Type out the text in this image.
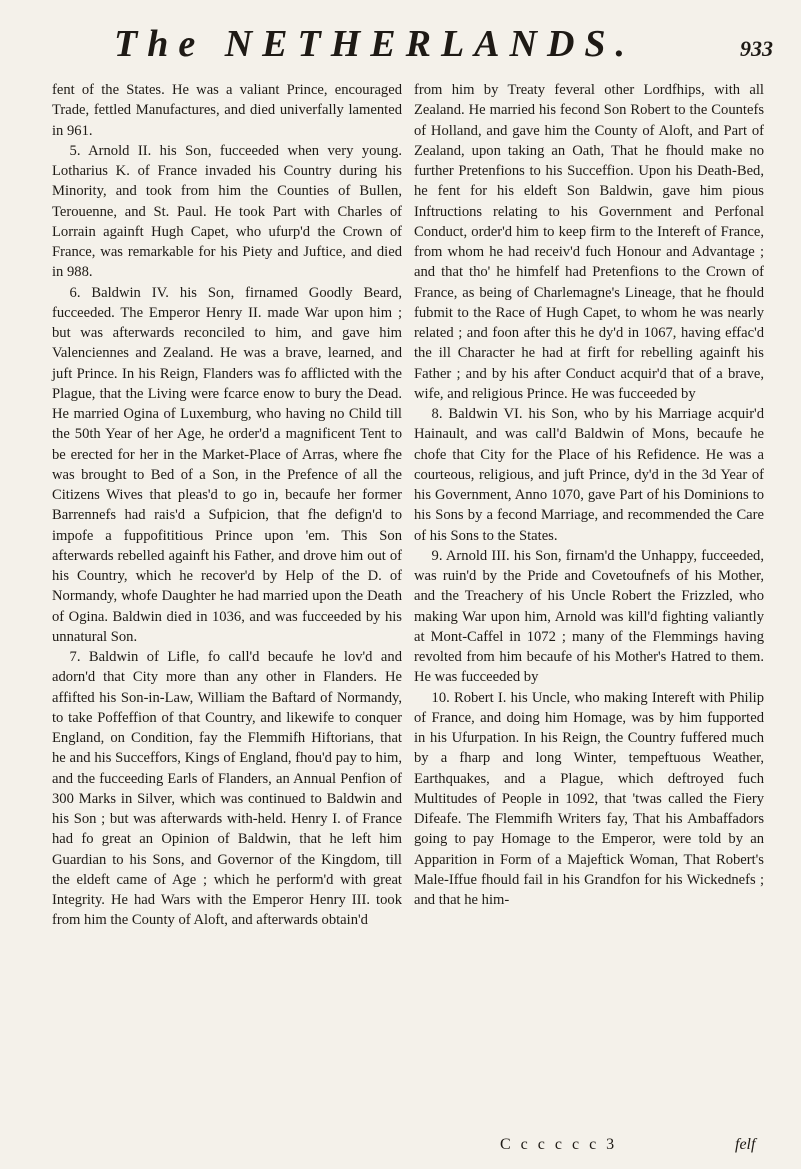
The NETHERLANDS.	933

fent of the States. He was a valiant Prince, encouraged Trade, fettled Manufactures, and died univerfally lamented in 961.

5. Arnold II. his Son, fucceeded when very young. Lotharius K. of France invaded his Country during his Minority, and took from him the Counties of Bullen, Terouenne, and St. Paul. He took Part with Charles of Lorrain againft Hugh Capet, who ufurp'd the Crown of France, was remarkable for his Piety and Juftice, and died in 988.

6. Baldwin IV. his Son, firnamed Goodly Beard, fucceeded. The Emperor Henry II. made War upon him ; but was afterwards reconciled to him, and gave him Valenciennes and Zealand. He was a brave, learned, and juft Prince. In his Reign, Flanders was fo afflicted with the Plague, that the Living were fcarce enow to bury the Dead. He married Ogina of Luxemburg, who having no Child till the 50th Year of her Age, he order'd a magnificent Tent to be erected for her in the Market-Place of Arras, where fhe was brought to Bed of a Son, in the Prefence of all the Citizens Wives that pleas'd to go in, becaufe her former Barrennefs had rais'd a Sufpicion, that fhe defign'd to impofe a fuppofititious Prince upon 'em. This Son afterwards rebelled againft his Father, and drove him out of his Country, which he recover'd by Help of the D. of Normandy, whofe Daughter he had married upon the Death of Ogina. Baldwin died in 1036, and was fucceeded by his unnatural Son.

7. Baldwin of Lifle, fo call'd becaufe he lov'd and adorn'd that City more than any other in Flanders. He affifted his Son-in-Law, William the Baftard of Normandy, to take Poffeffion of that Country, and likewife to conquer England, on Condition, fay the Flemmifh Hiftorians, that he and his Succeffors, Kings of England, fhou'd pay to him, and the fucceeding Earls of Flanders, an Annual Penfion of 300 Marks in Silver, which was continued to Baldwin and his Son ; but was afterwards with-held. Henry I. of France had fo great an Opinion of Baldwin, that he left him Guardian to his Sons, and Governor of the Kingdom, till the eldeft came of Age ; which he perform'd with great Integrity. He had Wars with the Emperor Henry III. took from him the County of Aloft, and afterwards obtain'd

from him by Treaty feveral other Lordfhips, with all Zealand. He married his fecond Son Robert to the Countefs of Holland, and gave him the County of Aloft, and Part of Zealand, upon taking an Oath, That he fhould make no further Pretenfions to his Succeffion. Upon his Death-Bed, he fent for his eldeft Son Baldwin, gave him pious Inftructions relating to his Government and Perfonal Conduct, order'd him to keep firm to the Intereft of France, from whom he had receiv'd fuch Honour and Advantage ; and that tho' he himfelf had Pretenfions to the Crown of France, as being of Charlemagne's Lineage, that he fhould fubmit to the Race of Hugh Capet, to whom he was nearly related ; and foon after this he dy'd in 1067, having effac'd the ill Character he had at firft for rebelling againft his Father ; and by his after Conduct acquir'd that of a brave, wife, and religious Prince. He was fucceeded by

8. Baldwin VI. his Son, who by his Marriage acquir'd Hainault, and was call'd Baldwin of Mons, becaufe he chofe that City for the Place of his Refidence. He was a courteous, religious, and juft Prince, dy'd in the 3d Year of his Government, Anno 1070, gave Part of his Dominions to his Sons by a fecond Marriage, and recommended the Care of his Sons to the States.

9. Arnold III. his Son, firnam'd the Unhappy, fucceeded, was ruin'd by the Pride and Covetoufnefs of his Mother, and the Treachery of his Uncle Robert the Frizzled, who making War upon him, Arnold was kill'd fighting valiantly at Mont-Caffel in 1072 ; many of the Flemmings having revolted from him becaufe of his Mother's Hatred to them. He was fucceeded by

10. Robert I. his Uncle, who making Intereft with Philip of France, and doing him Homage, was by him fupported in his Ufurpation. In his Reign, the Country fuffered much by a fharp and long Winter, tempeftuous Weather, Earthquakes, and a Plague, which deftroyed fuch Multitudes of People in 1092, that 'twas called the Fiery Difeafe. The Flemmifh Writers fay, That his Ambaffadors going to pay Homage to the Emperor, were told by an Apparition in Form of a Majeftick Woman, That Robert's Male-Iffue fhould fail in his Grandfon for his Wickednefs ; and that he him-

C c c c c c 3	felf
